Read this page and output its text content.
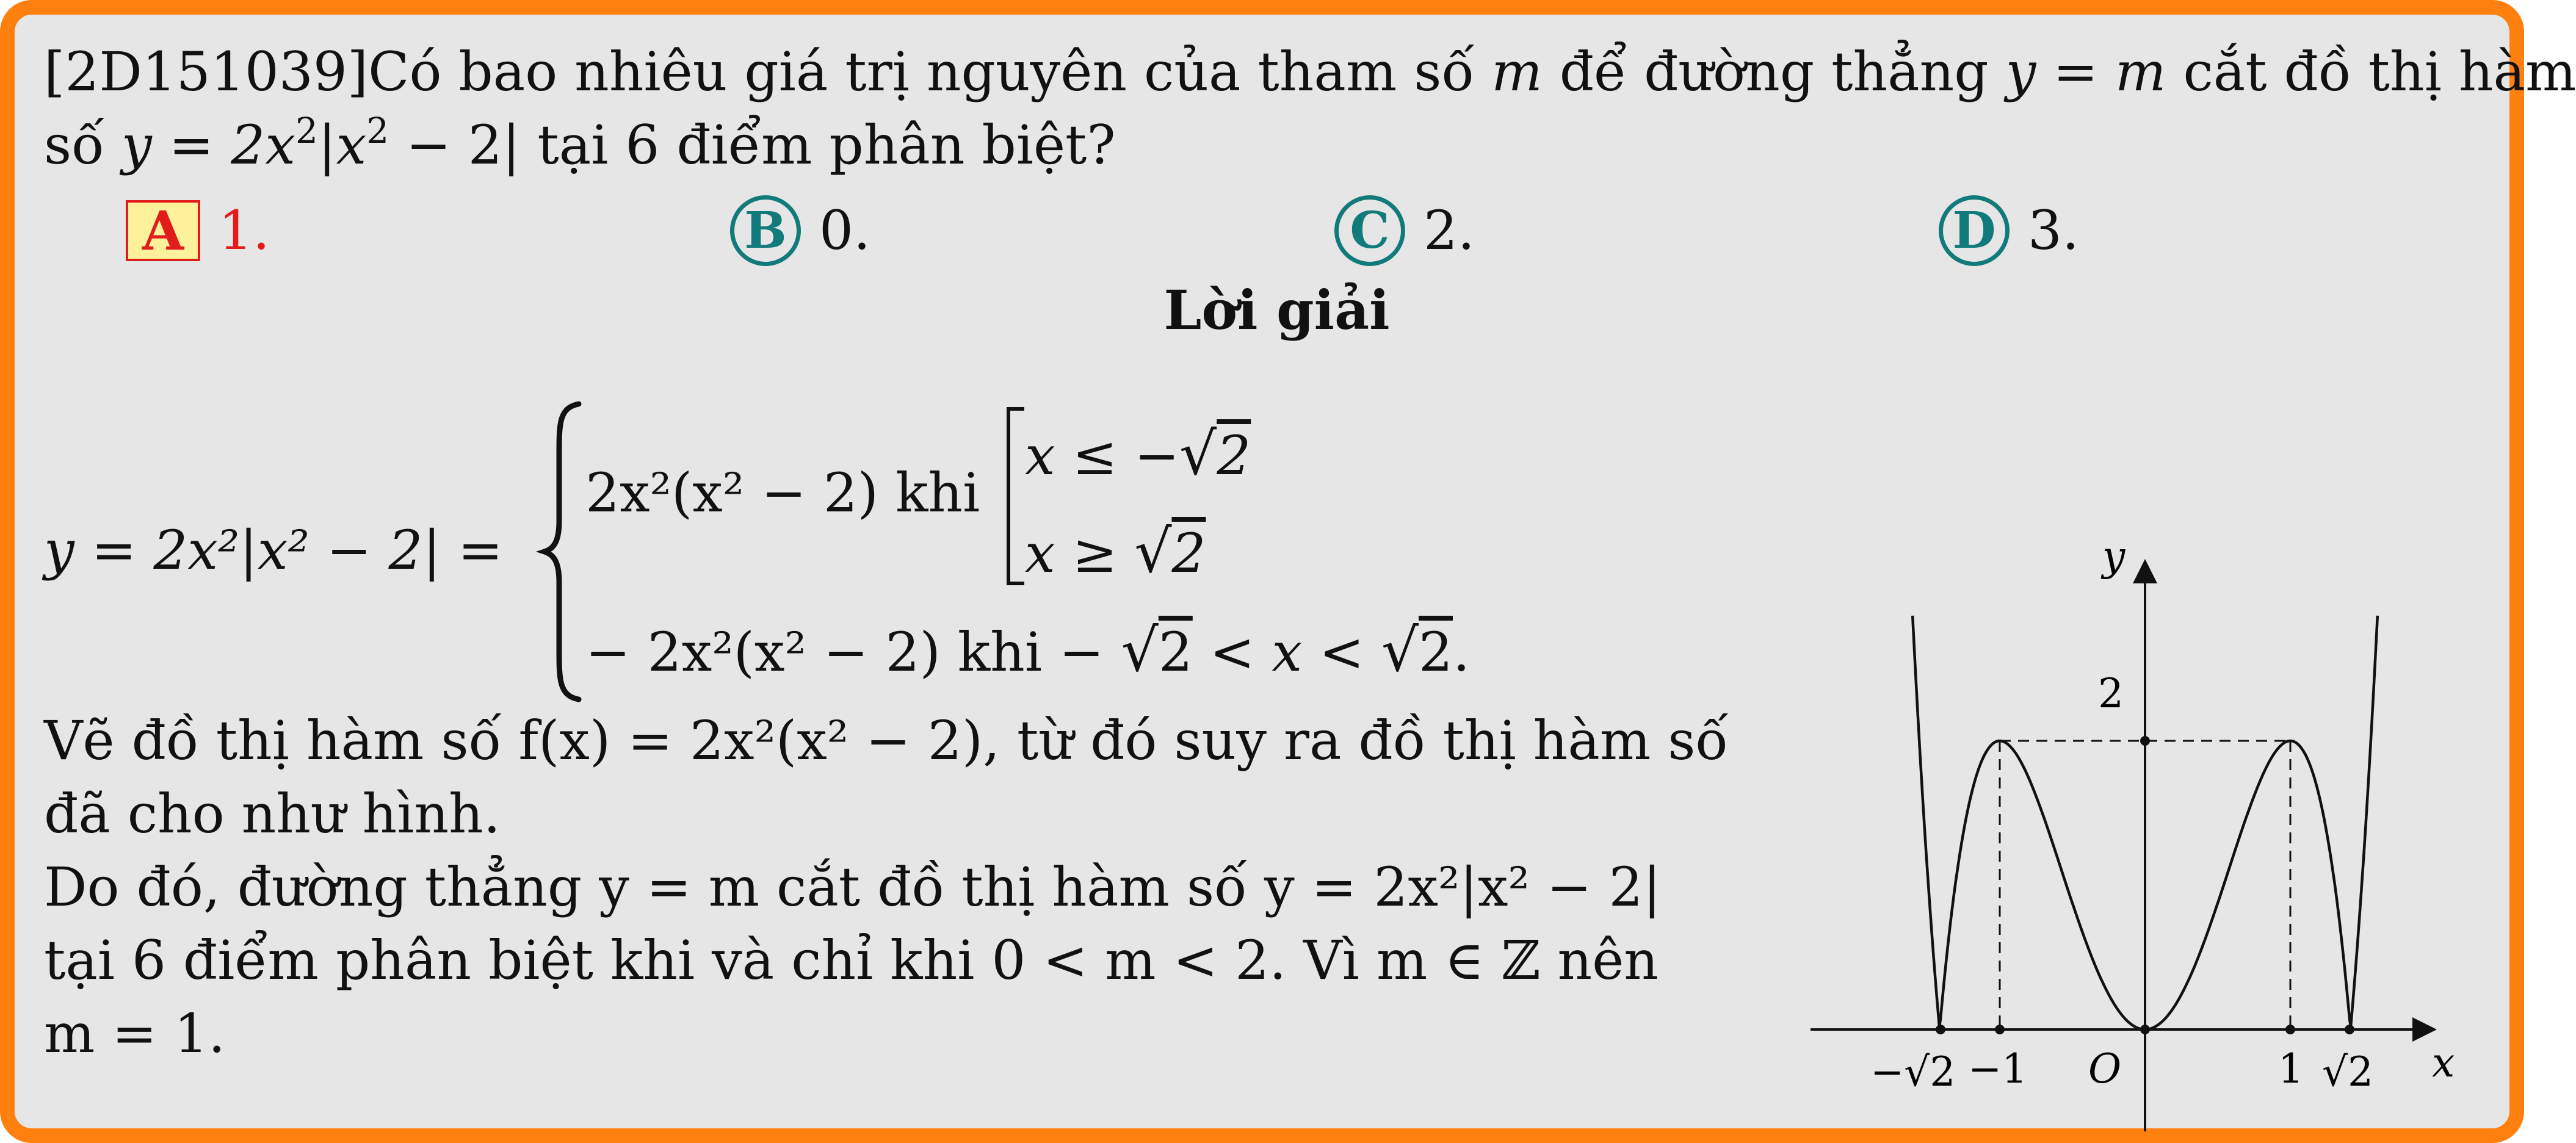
[2D151039]Có bao nhiêu giá trị nguyên của tham số m để đường thẳng y = m cắt đồ thị hàm
số $y = 2x^2|x^2 - 2|$ tại 6 điểm phân biệt?
A 1.	B 0.	C 2.	D 3.
Lời giải
y = 2x²|x² − 2| =
2x²(x² − 2) khi
x ≤ −√2
x ≥ √2
− 2x²(x² − 2) khi − √2 < x < √2.
Vẽ đồ thị hàm số f(x) = 2x²(x² − 2), từ đó suy ra đồ thị hàm số
đã cho như hình.
Do đó, đường thẳng y = m cắt đồ thị hàm số y = 2x²|x² − 2|
tại 6 điểm phân biệt khi và chỉ khi 0 < m < 2. Vì m ∈ ℤ nên
m = 1.
y
x
2
O
−√2 −1	1 √2
